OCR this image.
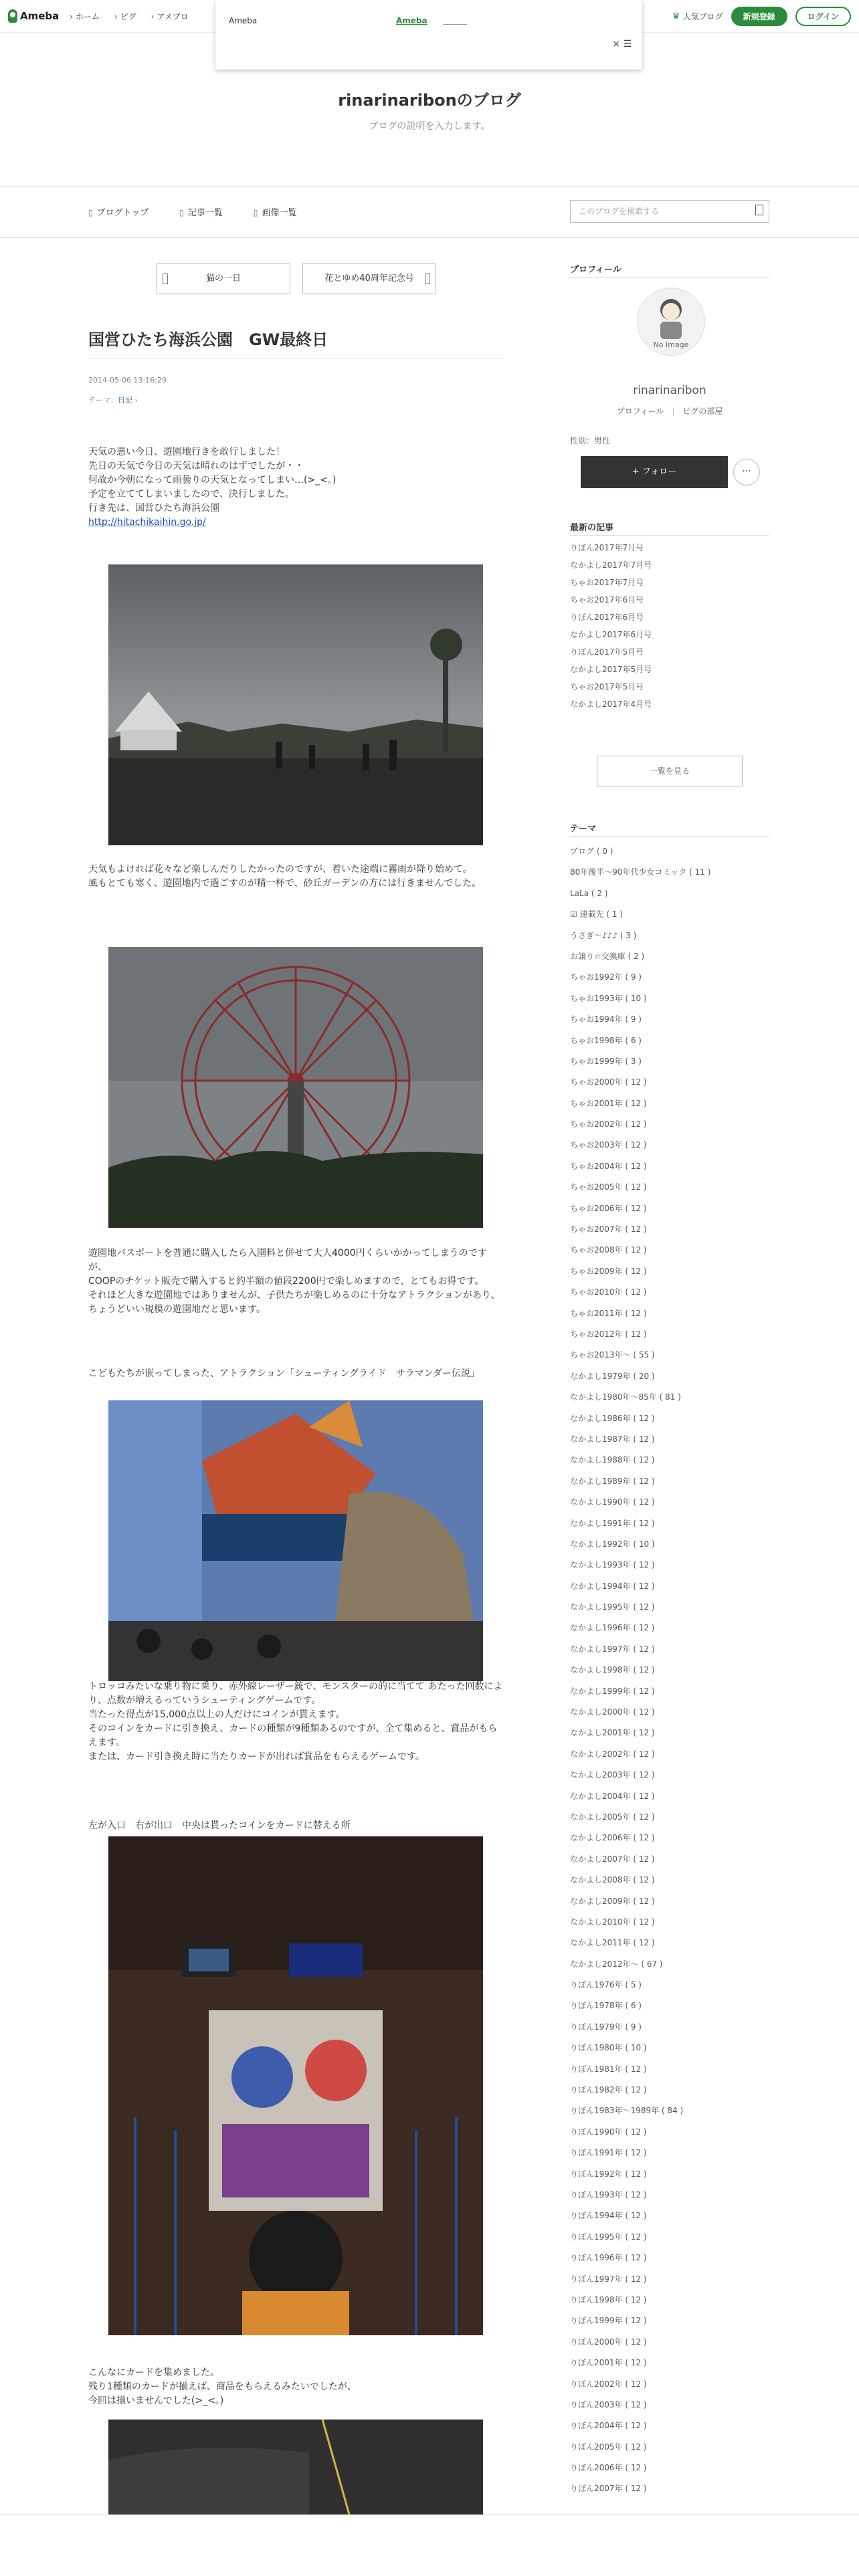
Ameba	› ホーム	› ピグ	› アメブロ	♛ 人気ブログ	新規登録	ログイン
Ameba	Ameba
× ☰
rinarinaribonのブログ
ブログの説明を入力します。
▯ ブログトップ	▯ 記事一覧	▯ 画像一覧	このブログを検索する
猫の一日	花とゆめ40周年記念号
国営ひたち海浜公園　GW最終日
2014-05-06 13:16:29
テーマ：日記 ›
天気の悪い今日、遊園地行きを敢行しました！
先日の天気で今日の天気は晴れのはずでしたが・・
何故か今朝になって雨曇りの天気となってしまい…(>_<。)
予定を立ててしまいましたので、決行しました。
行き先は、国営ひたち海浜公園
http://hitachikaihin.go.jp/
天気もよければ花々など楽しんだりしたかったのですが、着いた途端に霧雨が降り始めて。
風もとても寒く、遊園地内で過ごすのが精一杯で、砂丘ガーデンの方には行きませんでした。
遊園地パスポートを普通に購入したら入園料と併せて大人4000円くらいかかってしまうのですが、
COOPのチケット販売で購入すると約半額の値段2200円で楽しめますので、とてもお得です。
それほど大きな遊園地ではありませんが、子供たちが楽しめるのに十分なアトラクションがあり、ちょうどいい規模の遊園地だと思います。
こどもたちが嵌ってしまった、アトラクション「シューティングライド　サラマンダー伝説」
トロッコみたいな乗り物に乗り、赤外線レーザー銃で、モンスターの的に当てて あたった回数により、点数が増えるっていうシューティングゲームです。
当たった得点が15,000点以上の人だけにコインが貰えます。
そのコインをカードに引き換え、カードの種類が9種類あるのですが、全て集めると、賞品がもらえます。
または、カード引き換え時に当たりカードが出れば賞品をもらえるゲームです。
左が入口　右が出口　中央は貰ったコインをカードに替える所
こんなにカードを集めました。
残り1種類のカードが揃えば、商品をもらえるみたいでしたが、
今回は揃いませんでした(>_<。)
プロフィール
No Image
rinarinaribon
プロフィール | ピグの部屋
性別：男性
+ フォロー	···
最新の記事
りぼん2017年7月号
なかよし2017年7月号
ちゃお2017年7月号
ちゃお2017年6月号
りぼん2017年6月号
なかよし2017年6月号
りぼん2017年5月号
なかよし2017年5月号
ちゃお2017年5月号
なかよし2017年4月号
一覧を見る
テーマ
ブログ ( 0 )
80年後半〜90年代少女コミック ( 11 )
LaLa ( 2 )
☑ 連載先 ( 1 )
うさぎ〜♪♪♪ ( 3 )
お譲り☆交換庫 ( 2 )
ちゃお1992年 ( 9 )
ちゃお1993年 ( 10 )
ちゃお1994年 ( 9 )
ちゃお1998年 ( 6 )
ちゃお1999年 ( 3 )
ちゃお2000年 ( 12 )
ちゃお2001年 ( 12 )
ちゃお2002年 ( 12 )
ちゃお2003年 ( 12 )
ちゃお2004年 ( 12 )
ちゃお2005年 ( 12 )
ちゃお2006年 ( 12 )
ちゃお2007年 ( 12 )
ちゃお2008年 ( 12 )
ちゃお2009年 ( 12 )
ちゃお2010年 ( 12 )
ちゃお2011年 ( 12 )
ちゃお2012年 ( 12 )
ちゃお2013年〜 ( 55 )
なかよし1979年 ( 20 )
なかよし1980年〜85年 ( 81 )
なかよし1986年 ( 12 )
なかよし1987年 ( 12 )
なかよし1988年 ( 12 )
なかよし1989年 ( 12 )
なかよし1990年 ( 12 )
なかよし1991年 ( 12 )
なかよし1992年 ( 10 )
なかよし1993年 ( 12 )
なかよし1994年 ( 12 )
なかよし1995年 ( 12 )
なかよし1996年 ( 12 )
なかよし1997年 ( 12 )
なかよし1998年 ( 12 )
なかよし1999年 ( 12 )
なかよし2000年 ( 12 )
なかよし2001年 ( 12 )
なかよし2002年 ( 12 )
なかよし2003年 ( 12 )
なかよし2004年 ( 12 )
なかよし2005年 ( 12 )
なかよし2006年 ( 12 )
なかよし2007年 ( 12 )
なかよし2008年 ( 12 )
なかよし2009年 ( 12 )
なかよし2010年 ( 12 )
なかよし2011年 ( 12 )
なかよし2012年〜 ( 67 )
りぼん1976年 ( 5 )
りぼん1978年 ( 6 )
りぼん1979年 ( 9 )
りぼん1980年 ( 10 )
りぼん1981年 ( 12 )
りぼん1982年 ( 12 )
りぼん1983年〜1989年 ( 84 )
りぼん1990年 ( 12 )
りぼん1991年 ( 12 )
りぼん1992年 ( 12 )
りぼん1993年 ( 12 )
りぼん1994年 ( 12 )
りぼん1995年 ( 12 )
りぼん1996年 ( 12 )
りぼん1997年 ( 12 )
りぼん1998年 ( 12 )
りぼん1999年 ( 12 )
りぼん2000年 ( 12 )
りぼん2001年 ( 12 )
りぼん2002年 ( 12 )
りぼん2003年 ( 12 )
りぼん2004年 ( 12 )
りぼん2005年 ( 12 )
りぼん2006年 ( 12 )
りぼん2007年 ( 12 )
